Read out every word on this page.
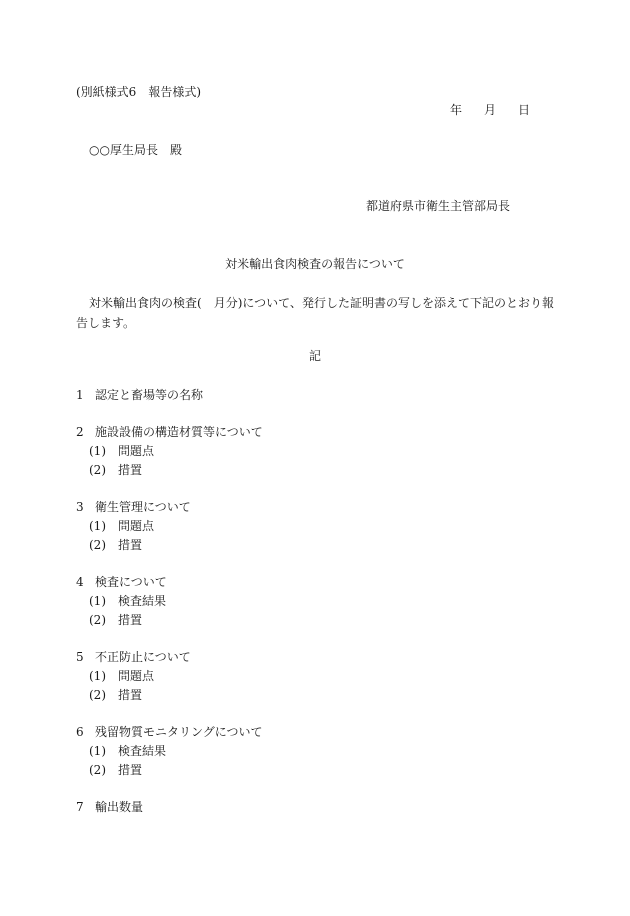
(別紙様式6　報告様式)
年 月 日
○○厚生局長　殿
都道府県市衛生主管部局長
対米輸出食肉検査の報告について
対米輸出食肉の検査(　月分)について、発行した証明書の写しを添えて下記のとおり報告します。
記
1 認定と畜場等の名称
2 施設設備の構造材質等について
(1) 問題点
(2) 措置
3 衛生管理について
(1) 問題点
(2) 措置
4 検査について
(1) 検査結果
(2) 措置
5 不正防止について
(1) 問題点
(2) 措置
6 残留物質モニタリングについて
(1) 検査結果
(2) 措置
7 輸出数量
